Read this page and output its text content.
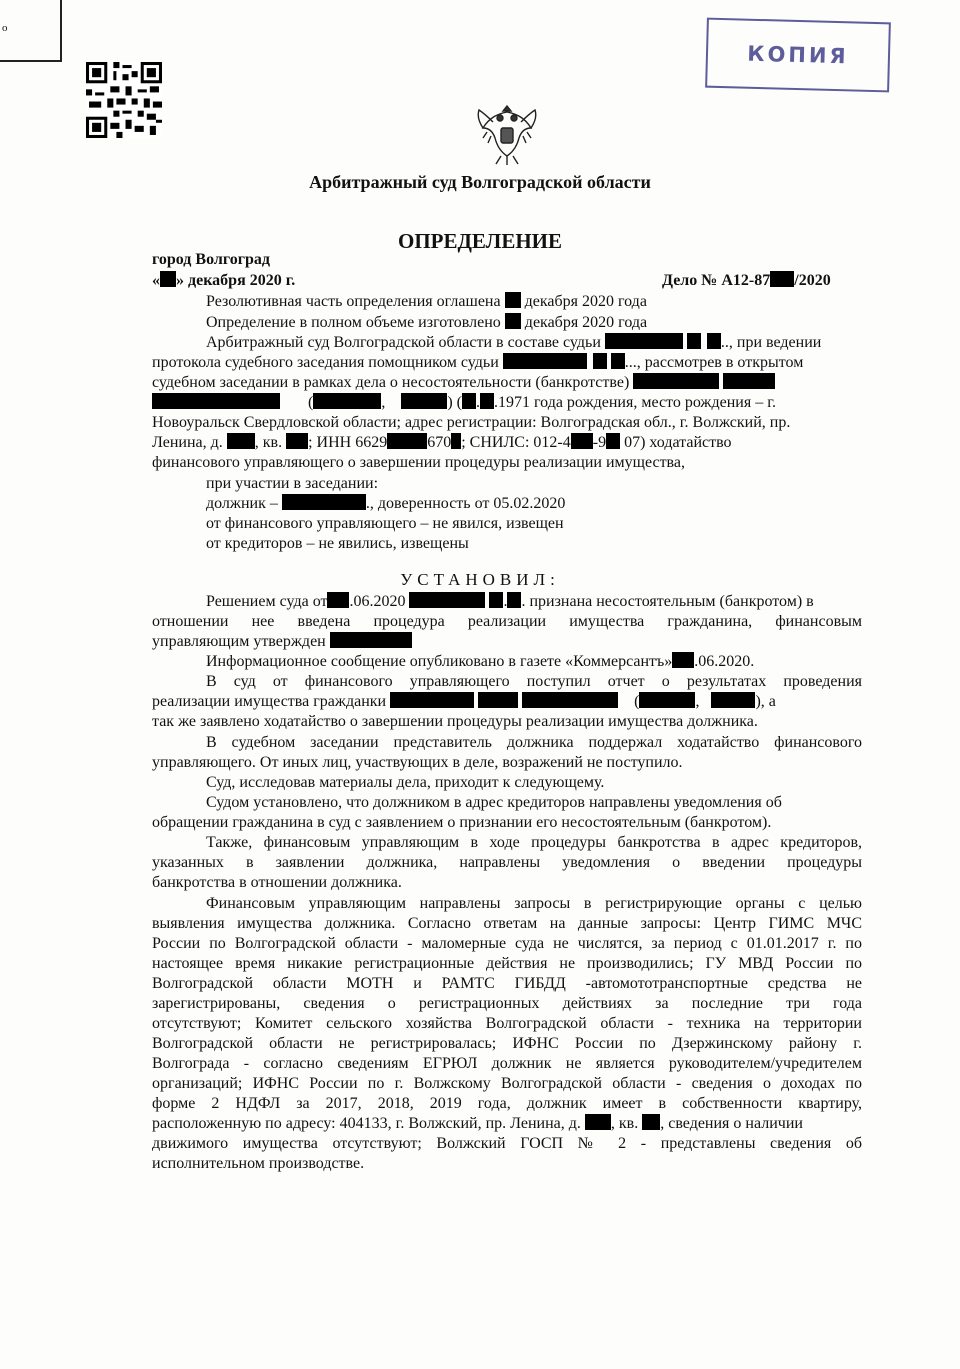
o
КОПИЯ
Арбитражный суд Волгоградской области
ОПРЕДЕЛЕНИЕ
город Волгоград
« » декабря 2020 г.	Дело № А12-87 /2020
Резолютивная часть определения оглашена декабря 2020 года
Определение в полном объеме изготовлено декабря 2020 года
Арбитражный суд Волгоградской области в составе судьи	.., при ведении
протокола судебного заседания помощником судьи	..., рассмотрев в открытом
судебном заседании в рамках дела о несостоятельности (банкротстве)
(	,	) ( . .1971 года рождения, место рождения – г.
Новоуральск Свердловской области; адрес регистрации: Волгоградская обл., г. Волжский, пр.
Ленина, д. , кв. ; ИНН 6629	670 ; СНИЛС: 012-4 -9 07) ходатайство
финансового управляющего о завершении процедуры реализации имущества,
при участии в заседании:
должник –	., доверенность от 05.02.2020
от финансового управляющего – не явился, извещен
от кредиторов – не явились, извещены
УСТАНОВИЛ:
Решением суда от .06.2020	. . признана несостоятельным (банкротом) в
отношении нее введена процедура реализации имущества гражданина, финансовым
управляющим утвержден
Информационное сообщение опубликовано в газете «Коммерсантъ» .06.2020.
В суд от финансового управляющего поступил отчет о результатах проведения
реализации имущества гражданки	(	,	), а
так же заявлено ходатайство о завершении процедуры реализации имущества должника.
В судебном заседании представитель должника поддержал ходатайство финансового
управляющего. От иных лиц, участвующих в деле, возражений не поступило.
Суд, исследовав материалы дела, приходит к следующему.
Судом установлено, что должником в адрес кредиторов направлены уведомления об
обращении гражданина в суд с заявлением о признании его несостоятельным (банкротом).
Также, финансовым управляющим в ходе процедуры банкротства в адрес кредиторов,
указанных в заявлении должника, направлены уведомления о введении процедуры
банкротства в отношении должника.
Финансовым управляющим направлены запросы в регистрирующие органы с целью
выявления имущества должника. Согласно ответам на данные запросы: Центр ГИМС МЧС
России по Волгоградской области - маломерные суда не числятся, за период с 01.01.2017 г. по
настоящее время никакие регистрационные действия не производились; ГУ МВД России по
Волгоградской области МОТН и РАМТС ГИБДД -автомототранспортные средства не
зарегистрированы, сведения о регистрационных действиях за последние три года
отсутствуют; Комитет сельского хозяйства Волгоградской области - техника на территории
Волгоградской области не регистрировалась; ИФНС России по Дзержинскому району г.
Волгограда - согласно сведениям ЕГРЮЛ должник не является руководителем/учредителем
организаций; ИФНС России по г. Волжскому Волгоградской области - сведения о доходах по
форме 2 НДФЛ за 2017, 2018, 2019 года, должник имеет в собственности квартиру,
расположенную по адресу: 404133, г. Волжский, пр. Ленина, д. , кв. , сведения о наличии
движимого имущества отсутствуют; Волжский ГОСП № 2 - представлены сведения об
исполнительном производстве.
